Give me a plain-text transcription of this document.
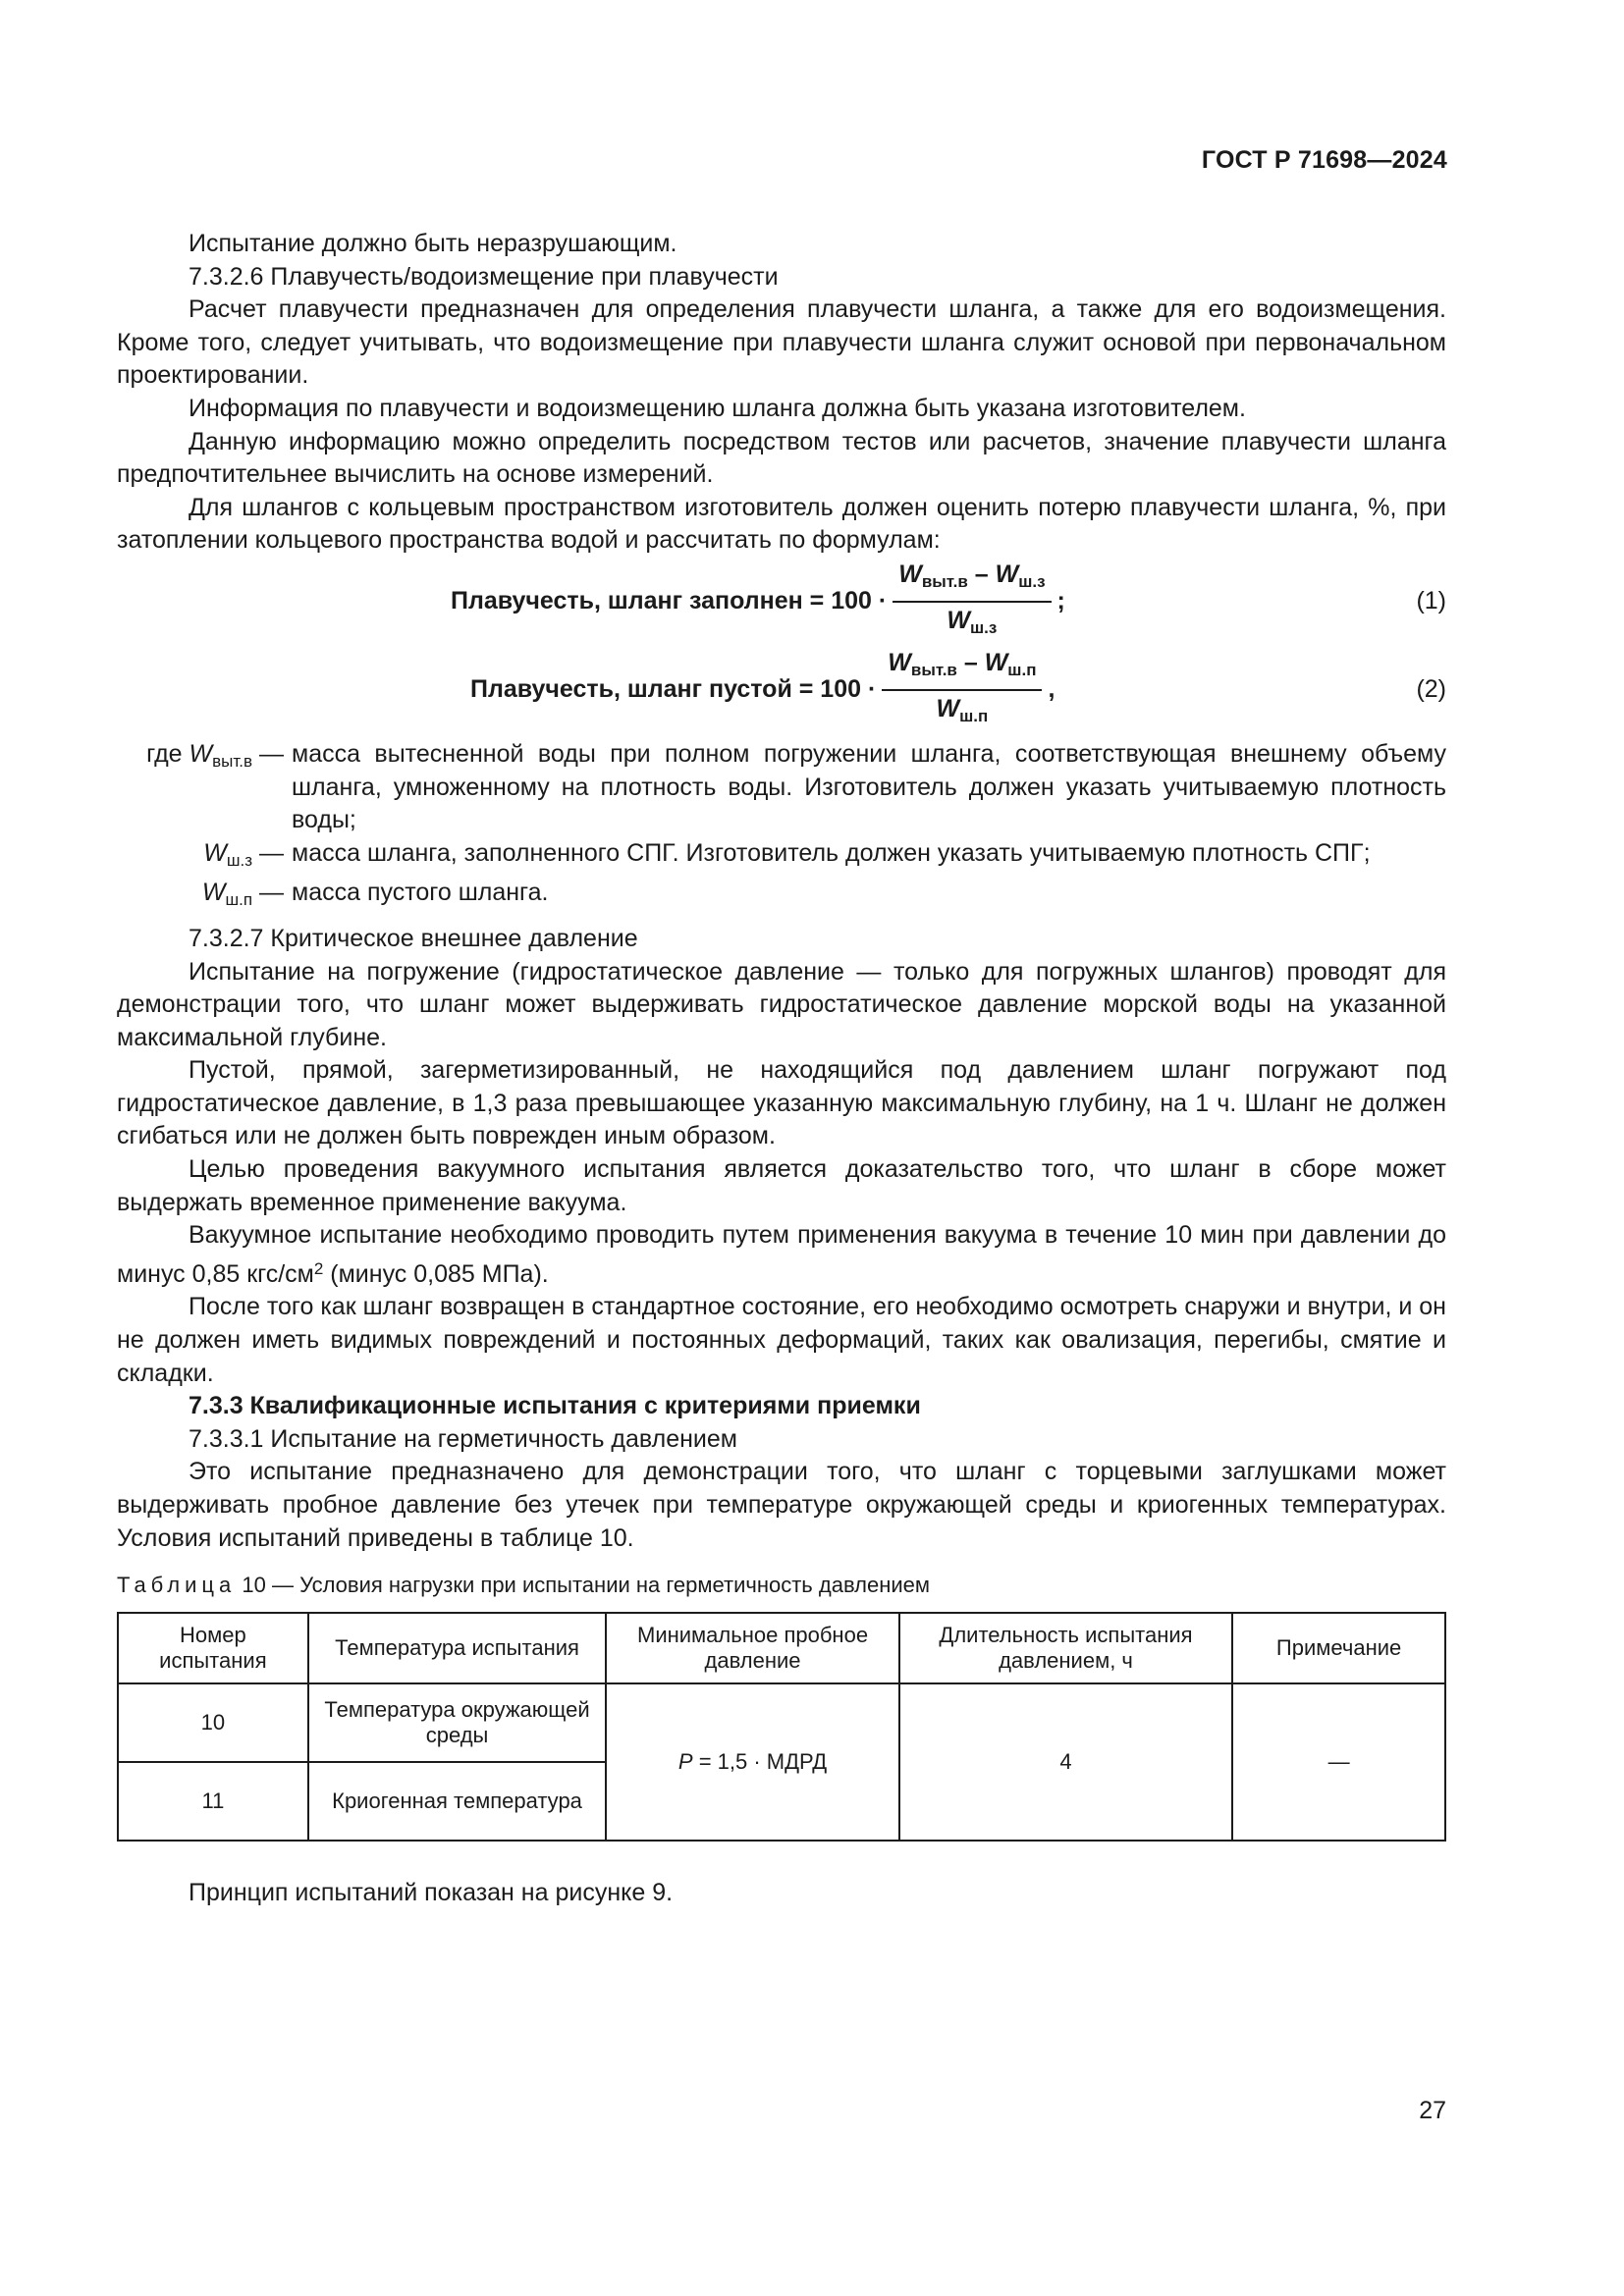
ГОСТ Р 71698—2024

Испытание должно быть неразрушающим.

7.3.2.6 Плавучесть/водоизмещение при плавучести

Расчет плавучести предназначен для определения плавучести шланга, а также для его водоизмещения. Кроме того, следует учитывать, что водоизмещение при плавучести шланга служит основой при первоначальном проектировании.

Информация по плавучести и водоизмещению шланга должна быть указана изготовителем.

Данную информацию можно определить посредством тестов или расчетов, значение плавучести шланга предпочтительнее вычислить на основе измерений.

Для шлангов с кольцевым пространством изготовитель должен оценить потерю плавучести шланга, %, при затоплении кольцевого пространства водой и рассчитать по формулам:

Плавучесть, шланг заполнен = $100 \cdot \frac{W_{выт.в} - W_{ш.з}}{W_{ш.з}}$ ;	(1)
Плавучесть, шланг пустой = $100 \cdot \frac{W_{выт.в} - W_{ш.п}}{W_{ш.п}}$ ,	(2)
где $W_{выт.в}$ — масса вытесненной воды при полном погружении шланга, соответствующая внешнему объему шланга, умноженному на плотность воды. Изготовитель должен указать учитываемую плотность воды;
$W_{ш.з}$ — масса шланга, заполненного СПГ. Изготовитель должен указать учитываемую плотность СПГ;
$W_{ш.п}$ — масса пустого шланга.

7.3.2.7 Критическое внешнее давление

Испытание на погружение (гидростатическое давление — только для погружных шлангов) проводят для демонстрации того, что шланг может выдерживать гидростатическое давление морской воды на указанной максимальной глубине.

Пустой, прямой, загерметизированный, не находящийся под давлением шланг погружают под гидростатическое давление, в 1,3 раза превышающее указанную максимальную глубину, на 1 ч. Шланг не должен сгибаться или не должен быть поврежден иным образом.

Целью проведения вакуумного испытания является доказательство того, что шланг в сборе может выдержать временное применение вакуума.

Вакуумное испытание необходимо проводить путем применения вакуума в течение 10 мин при давлении до минус 0,85 кгс/$см^2$ (минус 0,085 МПа).

После того как шланг возвращен в стандартное состояние, его необходимо осмотреть снаружи и внутри, и он не должен иметь видимых повреждений и постоянных деформаций, таких как овализация, перегибы, смятие и складки.

7.3.3 Квалификационные испытания с критериями приемки

7.3.3.1 Испытание на герметичность давлением

Это испытание предназначено для демонстрации того, что шланг с торцевыми заглушками может выдерживать пробное давление без утечек при температуре окружающей среды и криогенных температурах. Условия испытаний приведены в таблице 10.

Таблица 10 — Условия нагрузки при испытании на герметичность давлением
Номер испытания	Температура испытания	Минимальное пробное давление	Длительность испытания давлением, ч	Примечание
10	Температура окружающей среды	P = 1,5 · МДРД	4	—
11	Криогенная температура			

Принцип испытаний показан на рисунке 9.

27
